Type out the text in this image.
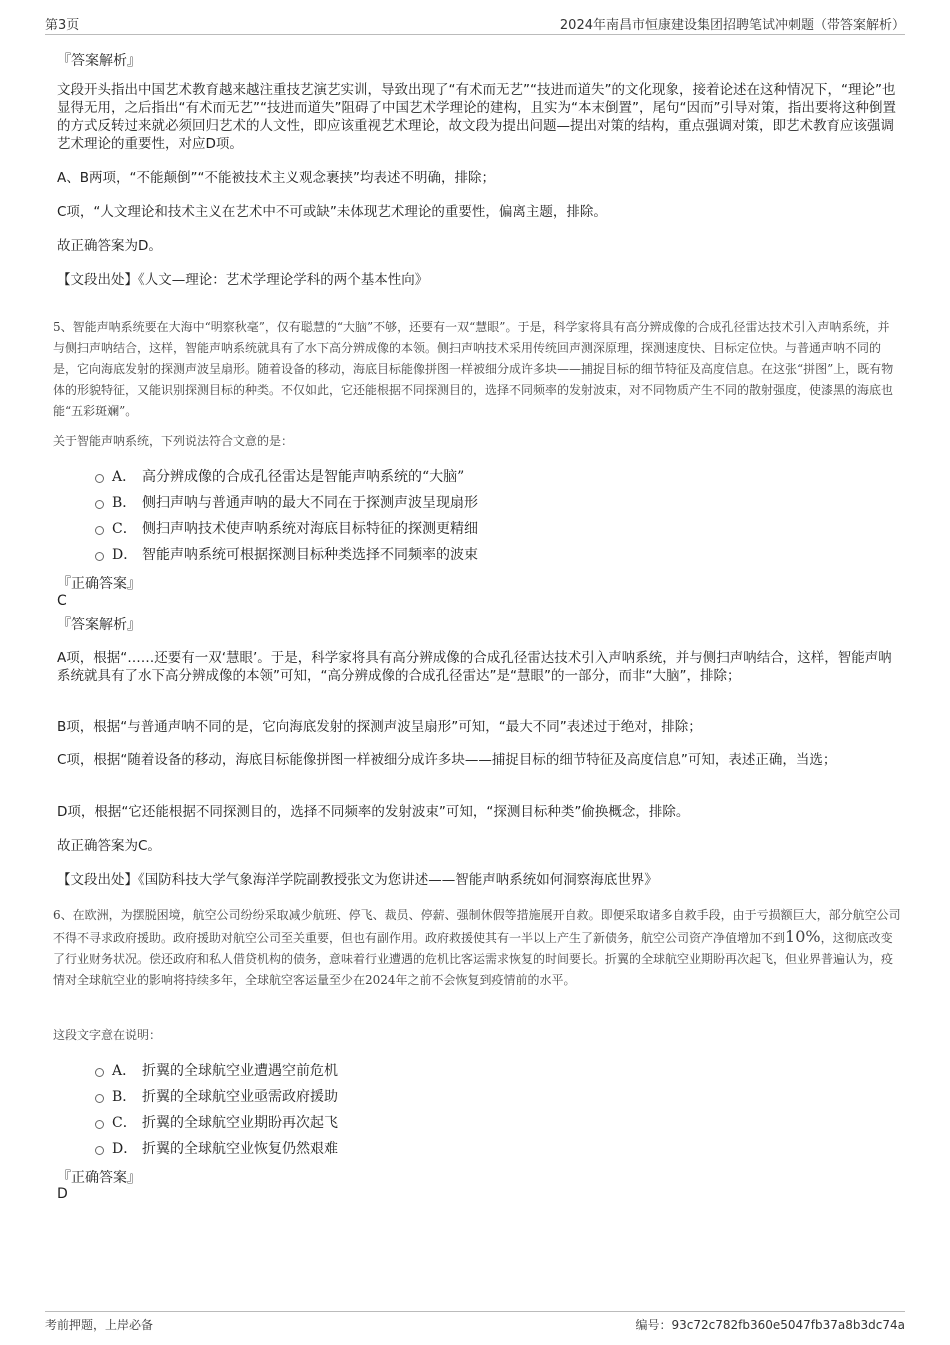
第3页	2024年南昌市恒康建设集团招聘笔试冲刺题（带答案解析）
『答案解析』
文段开头指出中国艺术教育越来越注重技艺演艺实训，导致出现了“有术而无艺”“技进而道失”的文化现象，接着论述在这种情况下，“理论”也显得无用，之后指出“有术而无艺”“技进而道失”阻碍了中国艺术学理论的建构，且实为“本末倒置”，尾句“因而”引导对策，指出要将这种倒置的方式反转过来就必须回归艺术的人文性，即应该重视艺术理论，故文段为提出问题—提出对策的结构，重点强调对策，即艺术教育应该强调艺术理论的重要性，对应D项。
A、B两项，“不能颠倒”“不能被技术主义观念裹挟”均表述不明确，排除；
C项，“人文理论和技术主义在艺术中不可或缺”未体现艺术理论的重要性，偏离主题，排除。
故正确答案为D。
【文段出处】《人文—理论：艺术学理论学科的两个基本性向》
5、智能声呐系统要在大海中“明察秋毫”，仅有聪慧的“大脑”不够，还要有一双“慧眼”。于是，科学家将具有高分辨成像的合成孔径雷达技术引入声呐系统，并与侧扫声呐结合，这样，智能声呐系统就具有了水下高分辨成像的本领。侧扫声呐技术采用传统回声测深原理，探测速度快、目标定位快。与普通声呐不同的是，它向海底发射的探测声波呈扇形。随着设备的移动，海底目标能像拼图一样被细分成许多块——捕捉目标的细节特征及高度信息。在这张“拼图”上，既有物体的形貌特征，又能识别探测目标的种类。不仅如此，它还能根据不同探测目的，选择不同频率的发射波束，对不同物质产生不同的散射强度，使漆黑的海底也能“五彩斑斓”。
关于智能声呐系统，下列说法符合文意的是：
A． 高分辨成像的合成孔径雷达是智能声呐系统的“大脑”
B． 侧扫声呐与普通声呐的最大不同在于探测声波呈现扇形
C． 侧扫声呐技术使声呐系统对海底目标特征的探测更精细
D． 智能声呐系统可根据探测目标种类选择不同频率的波束
『正确答案』
C
『答案解析』
A项，根据“……还要有一双‘慧眼’。于是，科学家将具有高分辨成像的合成孔径雷达技术引入声呐系统，并与侧扫声呐结合，这样，智能声呐系统就具有了水下高分辨成像的本领”可知，“高分辨成像的合成孔径雷达”是“慧眼”的一部分，而非“大脑”，排除；
B项，根据“与普通声呐不同的是，它向海底发射的探测声波呈扇形”可知，“最大不同”表述过于绝对，排除；
C项，根据“随着设备的移动，海底目标能像拼图一样被细分成许多块——捕捉目标的细节特征及高度信息”可知，表述正确，当选；
D项，根据“它还能根据不同探测目的，选择不同频率的发射波束”可知，“探测目标种类”偷换概念，排除。
故正确答案为C。
【文段出处】《国防科技大学气象海洋学院副教授张文为您讲述——智能声呐系统如何洞察海底世界》
6、在欧洲，为摆脱困境，航空公司纷纷采取减少航班、停飞、裁员、停薪、强制休假等措施展开自救。即便采取诸多自救手段，由于亏损额巨大，部分航空公司不得不寻求政府援助。政府援助对航空公司至关重要，但也有副作用。政府救援使其有一半以上产生了新债务，航空公司资产净值增加不到10%，这彻底改变了行业财务状况。偿还政府和私人借贷机构的债务，意味着行业遭遇的危机比客运需求恢复的时间要长。折翼的全球航空业期盼再次起飞，但业界普遍认为，疫情对全球航空业的影响将持续多年，全球航空客运量至少在2024年之前不会恢复到疫情前的水平。
这段文字意在说明：
A． 折翼的全球航空业遭遇空前危机
B． 折翼的全球航空业亟需政府援助
C． 折翼的全球航空业期盼再次起飞
D． 折翼的全球航空业恢复仍然艰难
『正确答案』
D
考前押题，上岸必备	编号：93c72c782fb360e5047fb37a8b3dc74a
